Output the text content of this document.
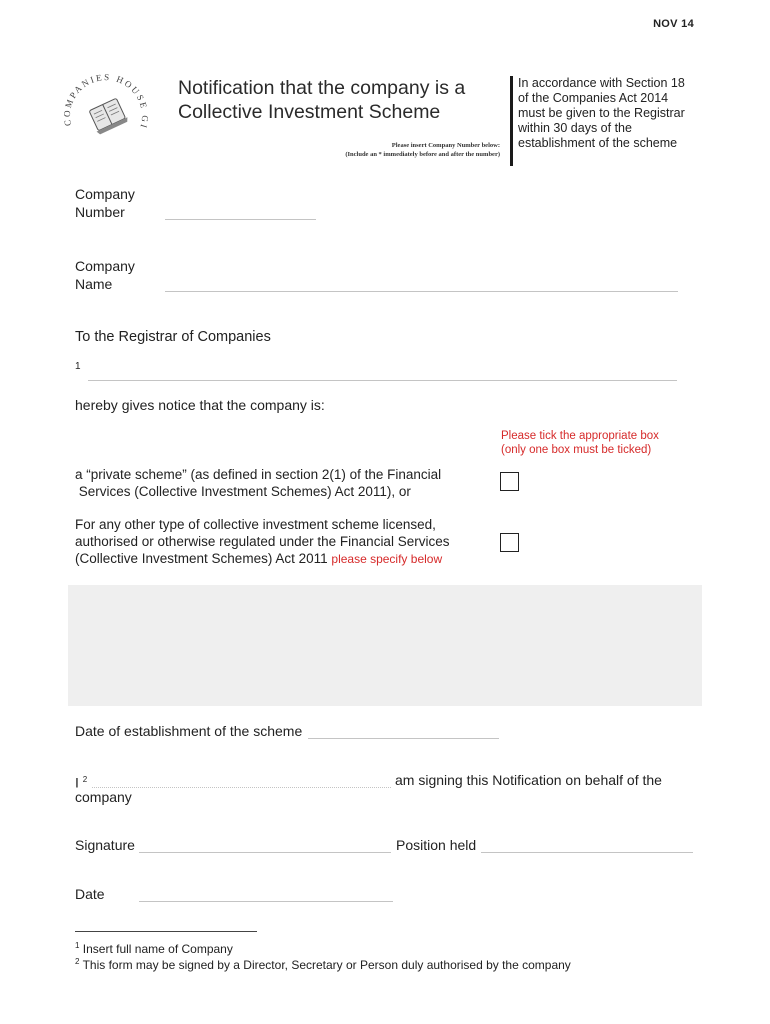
NOV 14
COMPANIES HOUSE GI
Notification that the company is a
Collective Investment Scheme
Please insert Company Number below:
(Include an * immediately before and after the number)
In accordance with Section 18
of the Companies Act 2014
must be given to the Registrar
within 30 days of the
establishment of the scheme
Company
Number
Company
Name
To the Registrar of Companies
1
hereby gives notice that the company is:
Please tick the appropriate box
(only one box must be ticked)
a “private scheme” (as defined in section 2(1) of the Financial
Services (Collective Investment Schemes) Act 2011), or
For any other type of collective investment scheme licensed,
authorised or otherwise regulated under the Financial Services
(Collective Investment Schemes) Act 2011 please specify below
Date of establishment of the scheme
I $^2$	am signing this Notification on behalf of the
company
Signature	Position held
Date
$^1$ Insert full name of Company
$^2$ This form may be signed by a Director, Secretary or Person duly authorised by the company
